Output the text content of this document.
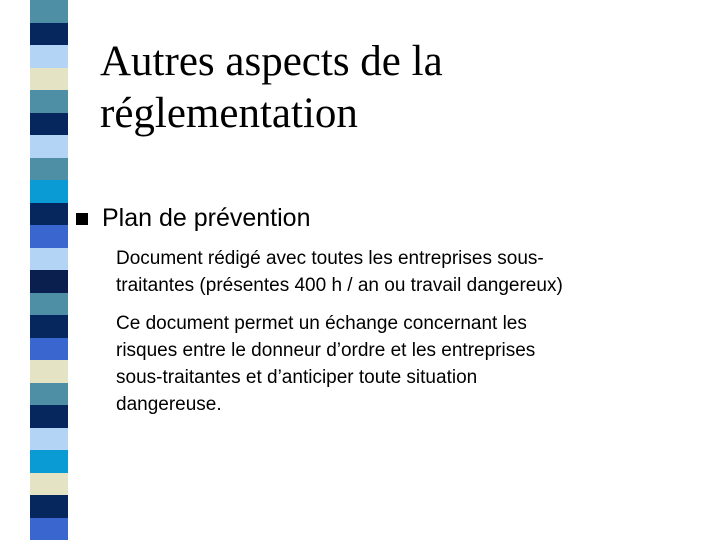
Autres aspects de la
réglementation
Plan de prévention
Document rédigé avec toutes les entreprises sous-
traitantes (présentes 400 h / an ou travail dangereux)
Ce document permet un échange concernant les
risques entre le donneur d’ordre et les entreprises
sous-traitantes et d’anticiper toute situation
dangereuse.
